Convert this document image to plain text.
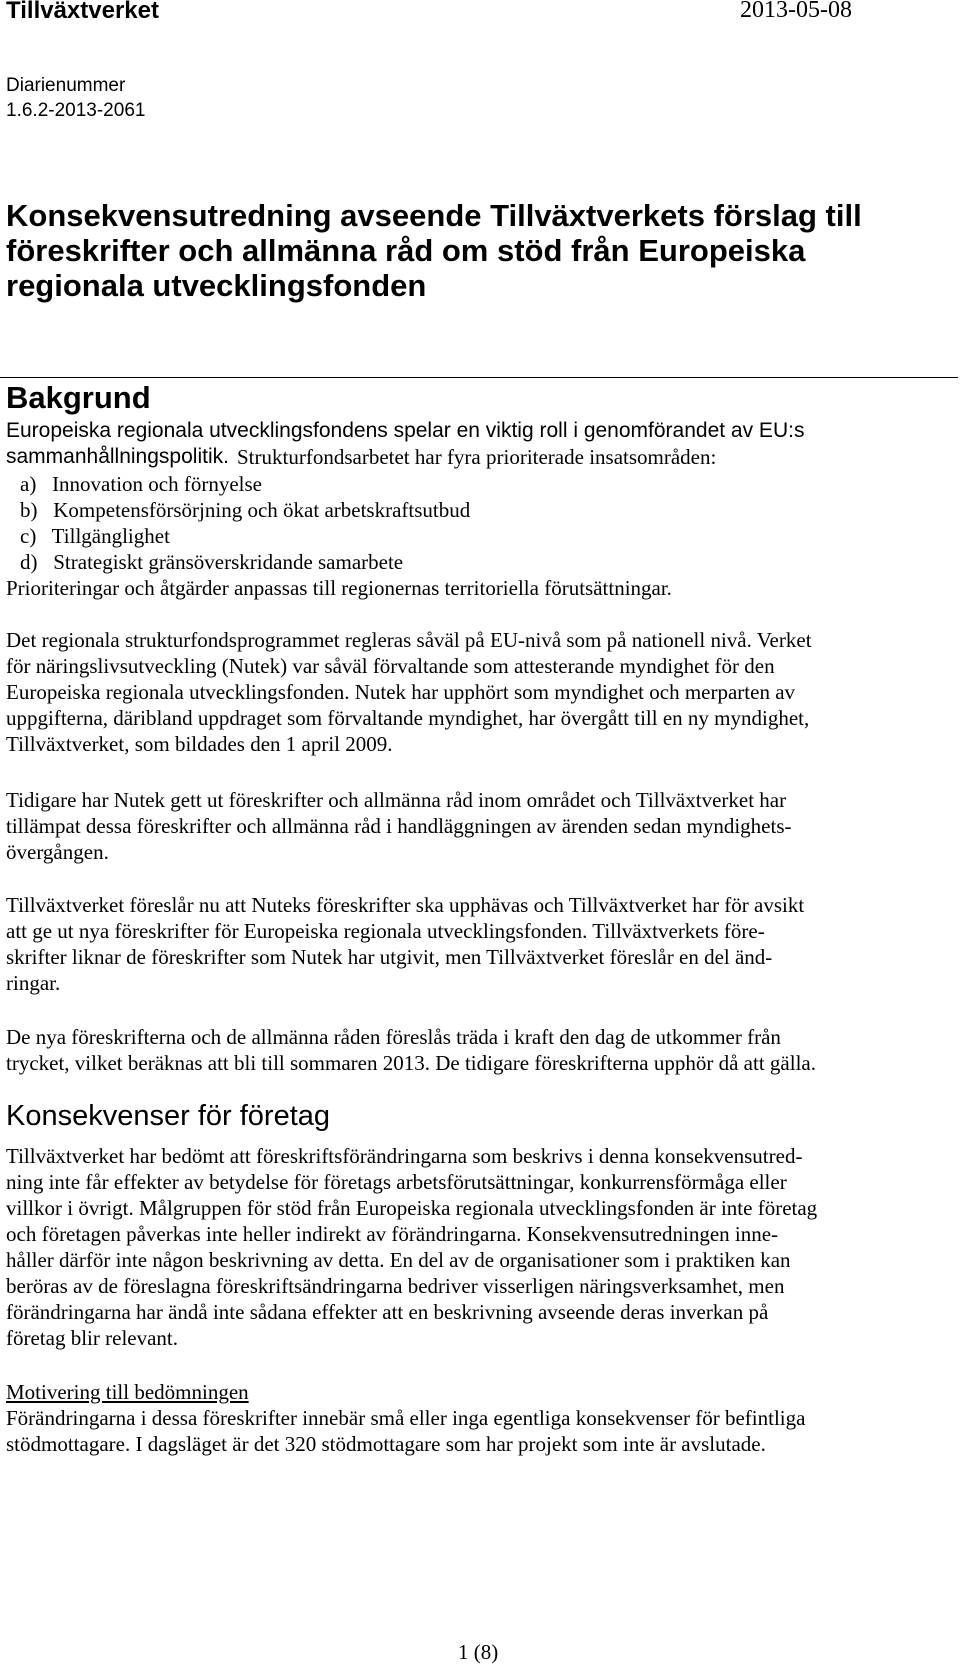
Tillväxtverket	2013-05-08
Diarienummer
1.6.2-2013-2061
Konsekvensutredning avseende Tillväxtverkets förslag till
föreskrifter och allmänna råd om stöd från Europeiska
regionala utvecklingsfonden
Bakgrund
Europeiska regionala utvecklingsfondens spelar en viktig roll i genomförandet av EU:s
sammanhållningspolitik. Strukturfondsarbetet har fyra prioriterade insatsområden:
a)   Innovation och förnyelse
b)   Kompetensförsörjning och ökat arbetskraftsutbud
c)   Tillgänglighet
d)   Strategiskt gränsöverskridande samarbete
Prioriteringar och åtgärder anpassas till regionernas territoriella förutsättningar.
Det regionala strukturfondsprogrammet regleras såväl på EU-nivå som på nationell nivå. Verket
för näringslivsutveckling (Nutek) var såväl förvaltande som attesterande myndighet för den
Europeiska regionala utvecklingsfonden. Nutek har upphört som myndighet och merparten av
uppgifterna, däribland uppdraget som förvaltande myndighet, har övergått till en ny myndighet,
Tillväxtverket, som bildades den 1 april 2009.
Tidigare har Nutek gett ut föreskrifter och allmänna råd inom området och Tillväxtverket har
tillämpat dessa föreskrifter och allmänna råd i handläggningen av ärenden sedan myndighets-
övergången.
Tillväxtverket föreslår nu att Nuteks föreskrifter ska upphävas och Tillväxtverket har för avsikt
att ge ut nya föreskrifter för Europeiska regionala utvecklingsfonden. Tillväxtverkets före-
skrifter liknar de föreskrifter som Nutek har utgivit, men Tillväxtverket föreslår en del änd-
ringar.
De nya föreskrifterna och de allmänna råden föreslås träda i kraft den dag de utkommer från
trycket, vilket beräknas att bli till sommaren 2013. De tidigare föreskrifterna upphör då att gälla.
Konsekvenser för företag
Tillväxtverket har bedömt att föreskriftsförändringarna som beskrivs i denna konsekvensutred-
ning inte får effekter av betydelse för företags arbetsförutsättningar, konkurrensförmåga eller
villkor i övrigt. Målgruppen för stöd från Europeiska regionala utvecklingsfonden är inte företag
och företagen påverkas inte heller indirekt av förändringarna. Konsekvensutredningen inne-
håller därför inte någon beskrivning av detta. En del av de organisationer som i praktiken kan
beröras av de föreslagna föreskriftsändringarna bedriver visserligen näringsverksamhet, men
förändringarna har ändå inte sådana effekter att en beskrivning avseende deras inverkan på
företag blir relevant.
Motivering till bedömningen
Förändringarna i dessa föreskrifter innebär små eller inga egentliga konsekvenser för befintliga
stödmottagare. I dagsläget är det 320 stödmottagare som har projekt som inte är avslutade.
1 (8)
